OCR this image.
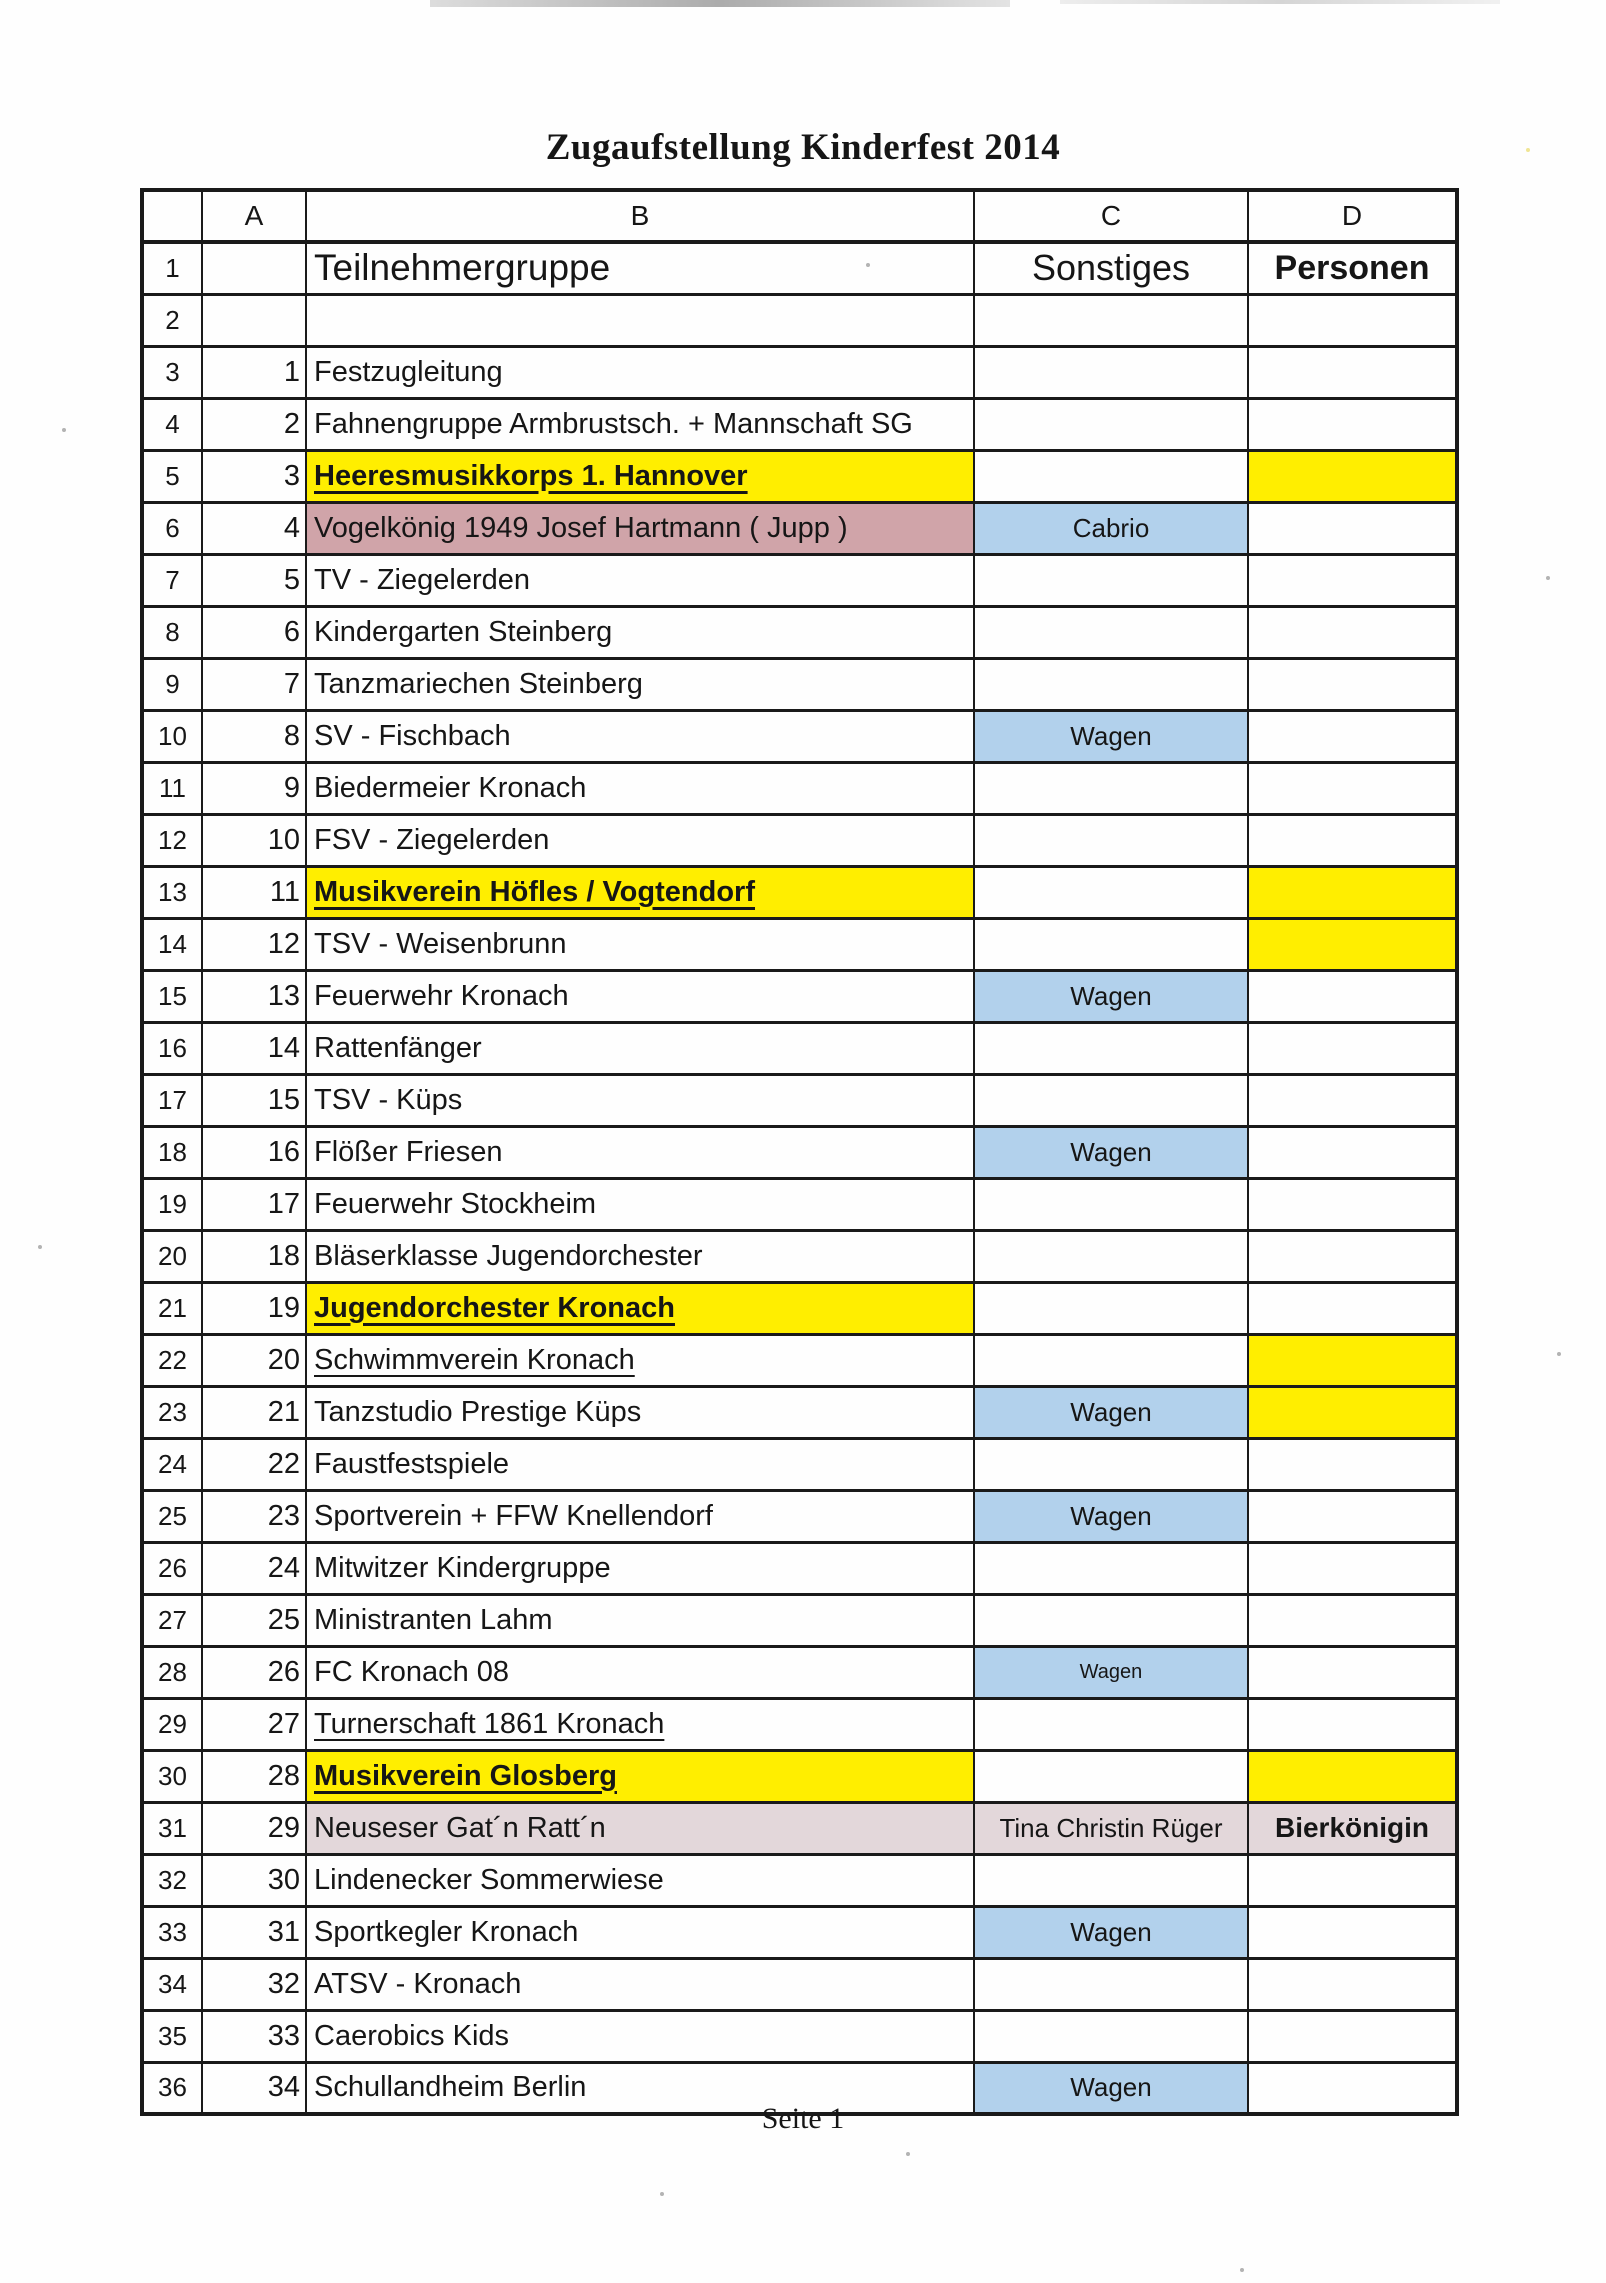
Zugaufstellung Kinderfest 2014
	A	B	C	D
1		Teilnehmergruppe	Sonstiges	Personen
2				
3	1	Festzugleitung		
4	2	Fahnengruppe Armbrustsch. + Mannschaft SG		
5	3	Heeresmusikkorps 1. Hannover		
6	4	Vogelkönig 1949 Josef Hartmann ( Jupp )	Cabrio	
7	5	TV - Ziegelerden		
8	6	Kindergarten Steinberg		
9	7	Tanzmariechen Steinberg		
10	8	SV - Fischbach	Wagen	
11	9	Biedermeier Kronach		
12	10	FSV - Ziegelerden		
13	11	Musikverein Höfles / Vogtendorf		
14	12	TSV - Weisenbrunn		
15	13	Feuerwehr Kronach	Wagen	
16	14	Rattenfänger		
17	15	TSV - Küps		
18	16	Flößer Friesen	Wagen	
19	17	Feuerwehr Stockheim		
20	18	Bläserklasse Jugendorchester		
21	19	Jugendorchester Kronach		
22	20	Schwimmverein Kronach		
23	21	Tanzstudio Prestige Küps	Wagen	
24	22	Faustfestspiele		
25	23	Sportverein + FFW Knellendorf	Wagen	
26	24	Mitwitzer Kindergruppe		
27	25	Ministranten Lahm		
28	26	FC Kronach 08	Wagen	
29	27	Turnerschaft 1861 Kronach		
30	28	Musikverein Glosberg		
31	29	Neuseser Gat´n Ratt´n	Tina Christin Rüger	Bierkönigin
32	30	Lindenecker Sommerwiese		
33	31	Sportkegler Kronach	Wagen	
34	32	ATSV - Kronach		
35	33	Caerobics Kids		
36	34	Schullandheim Berlin	Wagen	
Seite 1
